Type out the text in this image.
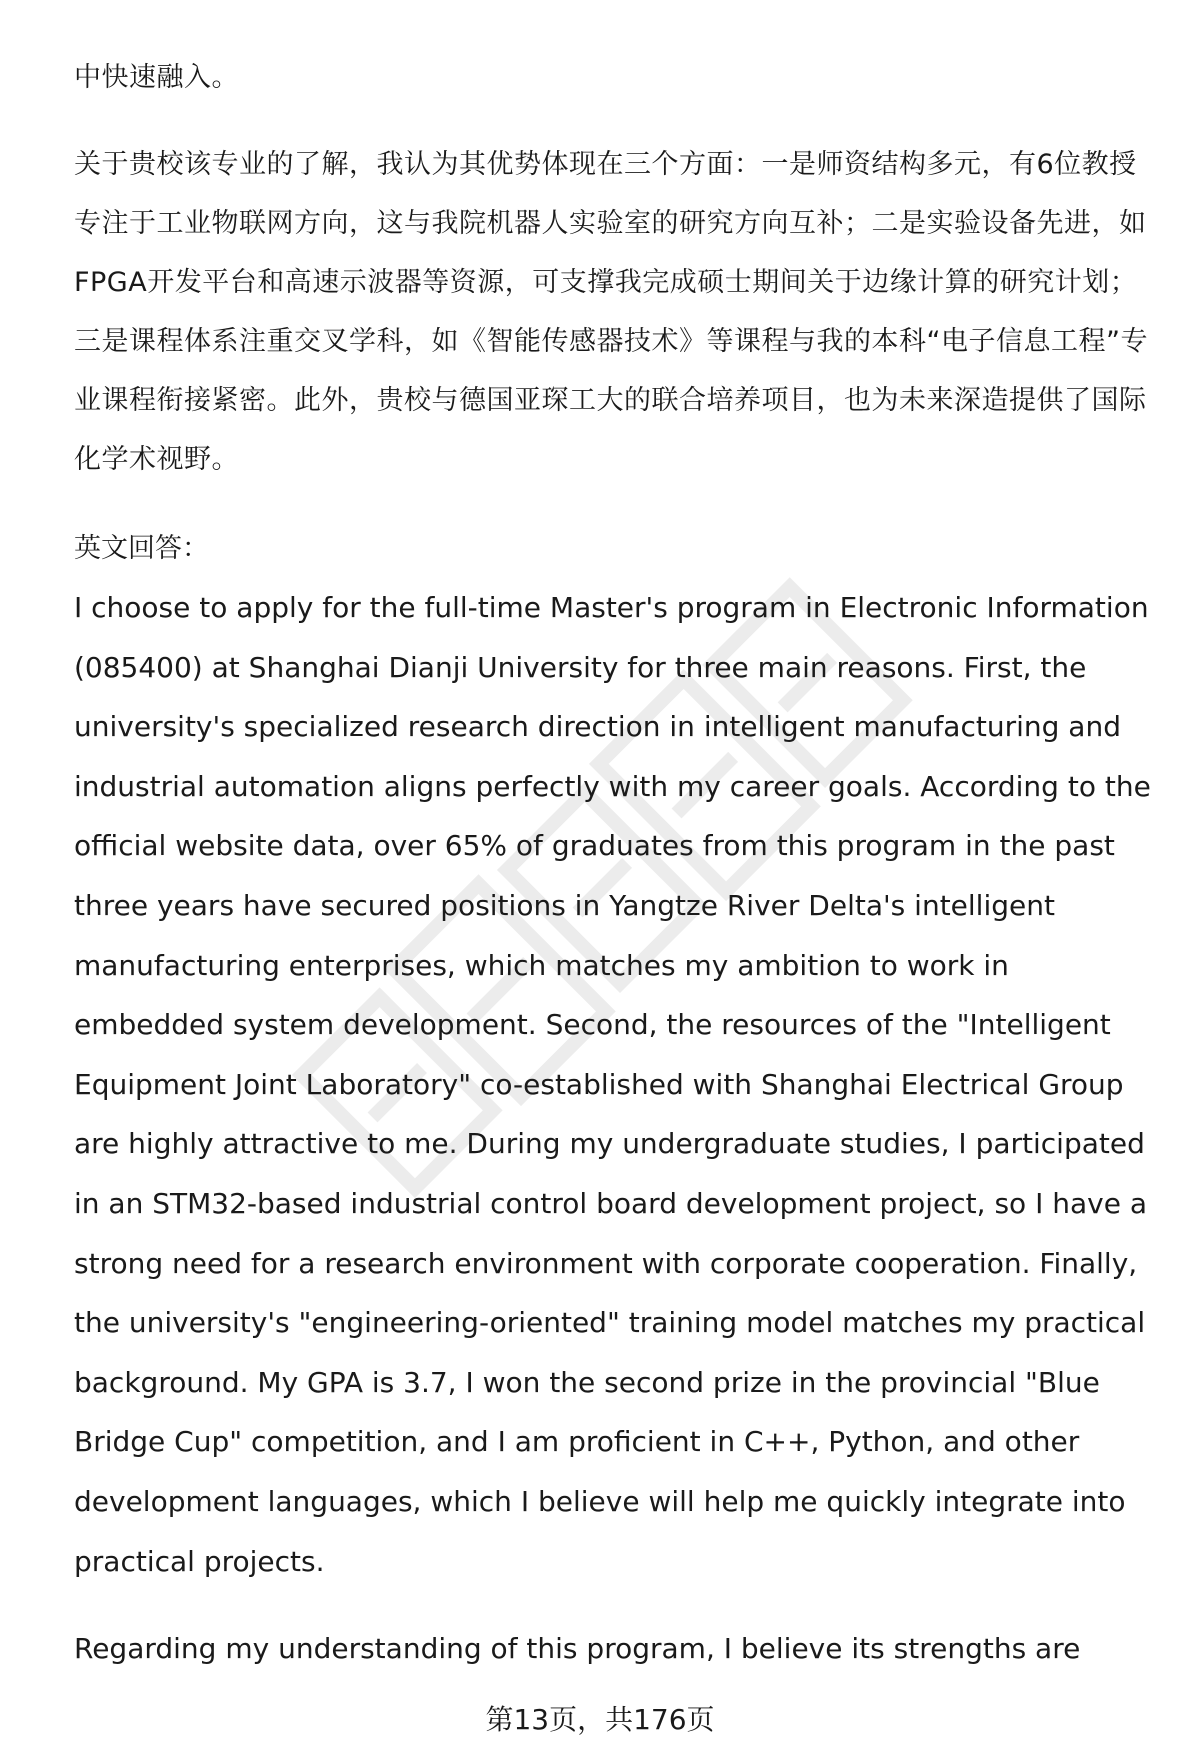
中快速融入。

关于贵校该专业的了解，我认为其优势体现在三个方面：一是师资结构多元，有6位教授专注于工业物联网方向，这与我院机器人实验室的研究方向互补；二是实验设备先进，如FPGA开发平台和高速示波器等资源，可支撑我完成硕士期间关于边缘计算的研究计划；三是课程体系注重交叉学科，如《智能传感器技术》等课程与我的本科“电子信息工程”专业课程衔接紧密。此外，贵校与德国亚琛工大的联合培养项目，也为未来深造提供了国际化学术视野。

英文回答：

I choose to apply for the full-time Master's program in Electronic Information (085400) at Shanghai Dianji University for three main reasons. First, the university's specialized research direction in intelligent manufacturing and industrial automation aligns perfectly with my career goals. According to the official website data, over 65% of graduates from this program in the past three years have secured positions in Yangtze River Delta's intelligent manufacturing enterprises, which matches my ambition to work in embedded system development. Second, the resources of the "Intelligent Equipment Joint Laboratory" co-established with Shanghai Electrical Group are highly attractive to me. During my undergraduate studies, I participated in an STM32-based industrial control board development project, so I have a strong need for a research environment with corporate cooperation. Finally, the university's "engineering-oriented" training model matches my practical background. My GPA is 3.7, I won the second prize in the provincial "Blue Bridge Cup" competition, and I am proficient in C++, Python, and other development languages, which I believe will help me quickly integrate into practical projects.

Regarding my understanding of this program, I believe its strengths are

第13页，共176页
